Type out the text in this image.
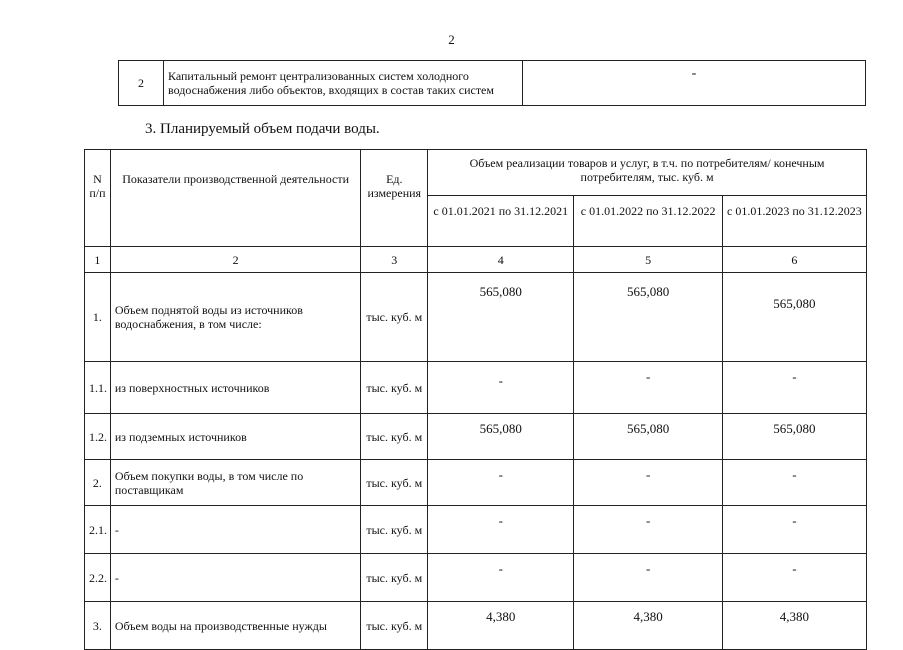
2
2	Капитальный ремонт централизованных систем холодного водоснабжения либо объектов, входящих в состав таких систем	-
3. Планируемый объем подачи воды.
N п/п	Показатели производственной деятельности	Ед. измерения	Объем реализации товаров и услуг, в т.ч. по потребителям/ конечным потребителям, тыс. куб. м		
			с 01.01.2021 по 31.12.2021	с 01.01.2022 по 31.12.2022	с 01.01.2023 по 31.12.2023
1	2	3	4	5	6
1.	Объем поднятой воды из источников водоснабжения, в том числе:	тыс. куб. м	565,080	565,080	565,080
1.1.	из поверхностных источников	тыс. куб. м	-	-	-
1.2.	из подземных источников	тыс. куб. м	565,080	565,080	565,080
2.	Объем покупки воды, в том числе по поставщикам	тыс. куб. м	-	-	-
2.1.	-	тыс. куб. м	-	-	-
2.2.	-	тыс. куб. м	-	-	-
3.	Объем воды на производственные нужды	тыс. куб. м	4,380	4,380	4,380
